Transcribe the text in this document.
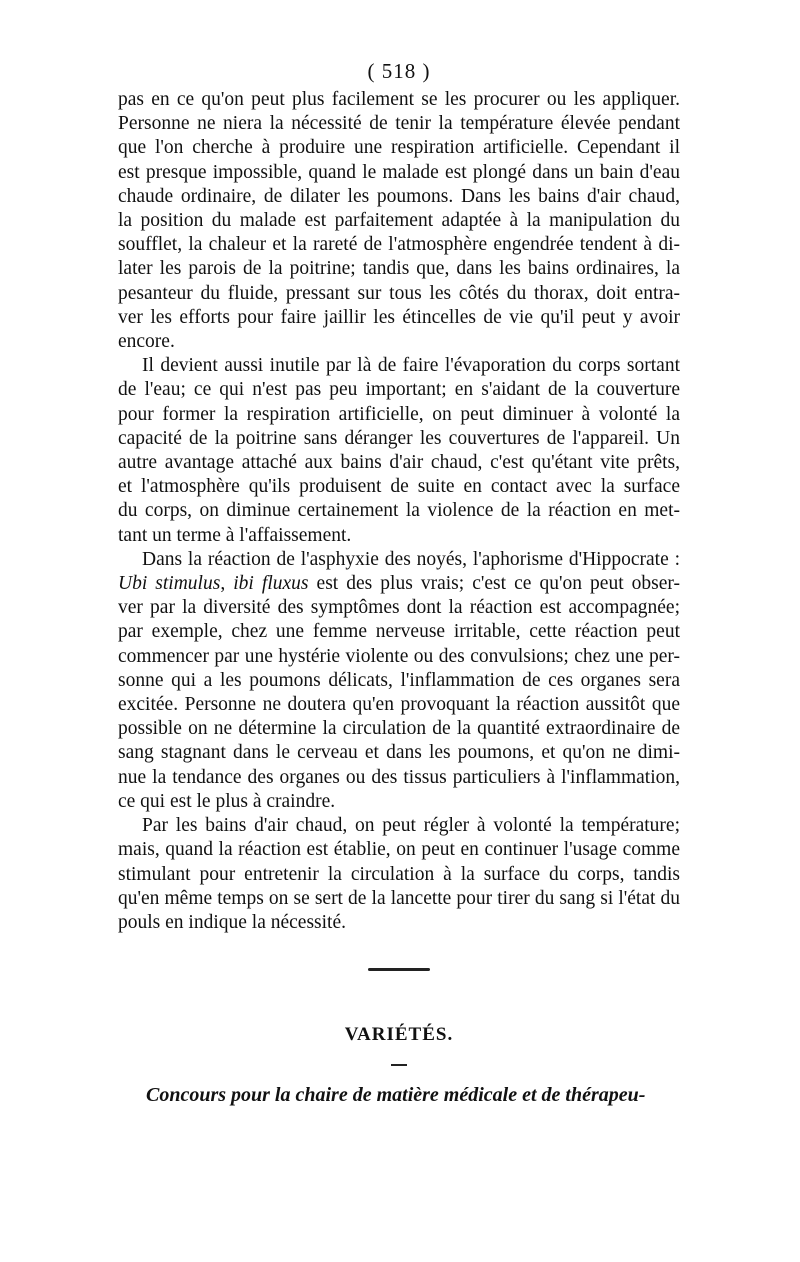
( 518 )
pas en ce qu'on peut plus facilement se les procurer ou les appliquer.
Personne ne niera la nécessité de tenir la température élevée pendant
que l'on cherche à produire une respiration artificielle. Cependant il
est presque impossible, quand le malade est plongé dans un bain d'eau
chaude ordinaire, de dilater les poumons. Dans les bains d'air chaud,
la position du malade est parfaitement adaptée à la manipulation du
soufflet, la chaleur et la rareté de l'atmosphère engendrée tendent à di-
later les parois de la poitrine; tandis que, dans les bains ordinaires, la
pesanteur du fluide, pressant sur tous les côtés du thorax, doit entra-
ver les efforts pour faire jaillir les étincelles de vie qu'il peut y avoir
encore.
Il devient aussi inutile par là de faire l'évaporation du corps sortant
de l'eau; ce qui n'est pas peu important; en s'aidant de la couverture
pour former la respiration artificielle, on peut diminuer à volonté la
capacité de la poitrine sans déranger les couvertures de l'appareil. Un
autre avantage attaché aux bains d'air chaud, c'est qu'étant vite prêts,
et l'atmosphère qu'ils produisent de suite en contact avec la surface
du corps, on diminue certainement la violence de la réaction en met-
tant un terme à l'affaissement.
Dans la réaction de l'asphyxie des noyés, l'aphorisme d'Hippocrate :
Ubi stimulus, ibi fluxus est des plus vrais; c'est ce qu'on peut obser-
ver par la diversité des symptômes dont la réaction est accompagnée;
par exemple, chez une femme nerveuse irritable, cette réaction peut
commencer par une hystérie violente ou des convulsions; chez une per-
sonne qui a les poumons délicats, l'inflammation de ces organes sera
excitée. Personne ne doutera qu'en provoquant la réaction aussitôt que
possible on ne détermine la circulation de la quantité extraordinaire de
sang stagnant dans le cerveau et dans les poumons, et qu'on ne dimi-
nue la tendance des organes ou des tissus particuliers à l'inflammation,
ce qui est le plus à craindre.
Par les bains d'air chaud, on peut régler à volonté la température;
mais, quand la réaction est établie, on peut en continuer l'usage comme
stimulant pour entretenir la circulation à la surface du corps, tandis
qu'en même temps on se sert de la lancette pour tirer du sang si l'état du
pouls en indique la nécessité.
VARIÉTÉS.
Concours pour la chaire de matière médicale et de thérapeu-
